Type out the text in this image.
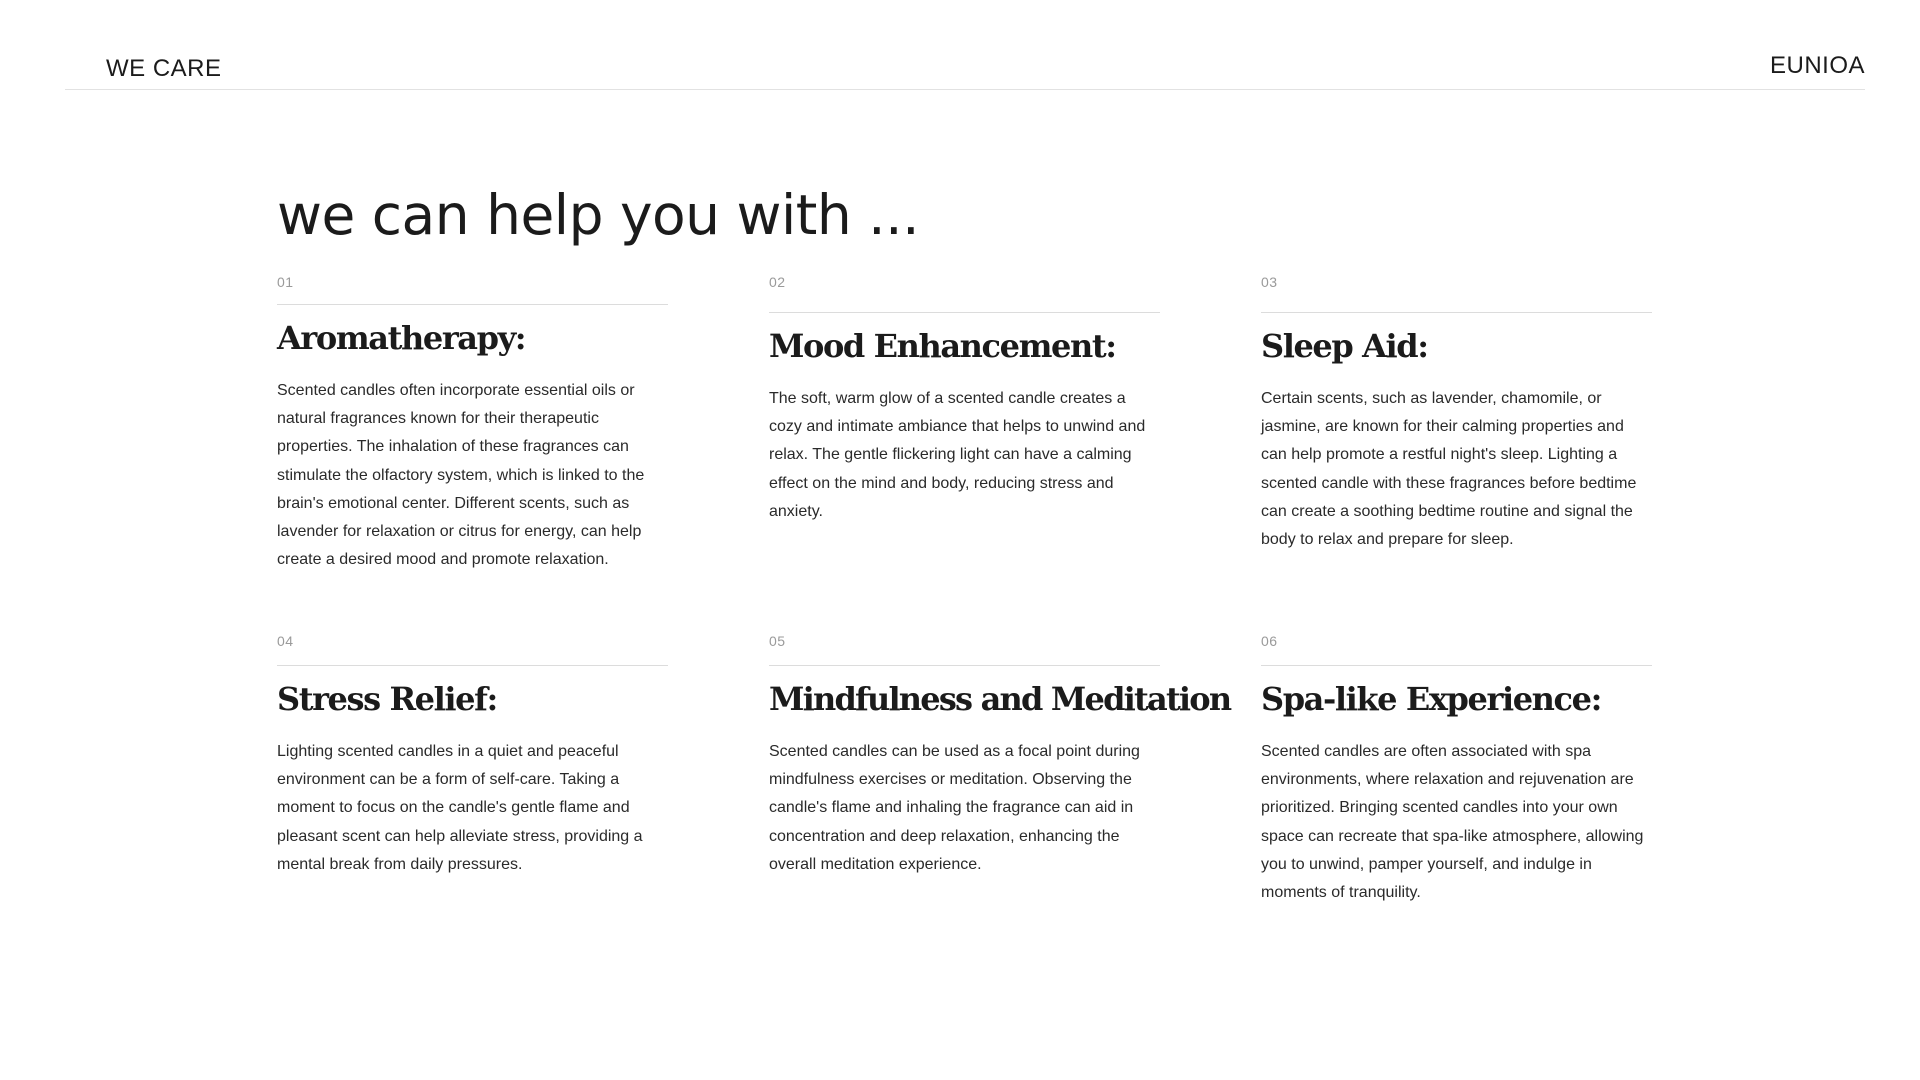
WE CARE	EUNIOA
we can help you with ...
01
Aromatherapy:

Scented candles often incorporate essential oils or natural fragrances known for their therapeutic properties. The inhalation of these fragrances can stimulate the olfactory system, which is linked to the brain's emotional center. Different scents, such as lavender for relaxation or citrus for energy, can help create a desired mood and promote relaxation.

02
Mood Enhancement:

The soft, warm glow of a scented candle creates a cozy and intimate ambiance that helps to unwind and relax. The gentle flickering light can have a calming effect on the mind and body, reducing stress and anxiety.

03
Sleep Aid:

Certain scents, such as lavender, chamomile, or jasmine, are known for their calming properties and can help promote a restful night's sleep. Lighting a scented candle with these fragrances before bedtime can create a soothing bedtime routine and signal the body to relax and prepare for sleep.

04
Stress Relief:

Lighting scented candles in a quiet and peaceful environment can be a form of self-care. Taking a moment to focus on the candle's gentle flame and pleasant scent can help alleviate stress, providing a mental break from daily pressures.

05
Mindfulness and Meditation

Scented candles can be used as a focal point during mindfulness exercises or meditation. Observing the candle's flame and inhaling the fragrance can aid in concentration and deep relaxation, enhancing the overall meditation experience.

06
Spa-like Experience:

Scented candles are often associated with spa environments, where relaxation and rejuvenation are prioritized. Bringing scented candles into your own space can recreate that spa-like atmosphere, allowing you to unwind, pamper yourself, and indulge in moments of tranquility.
